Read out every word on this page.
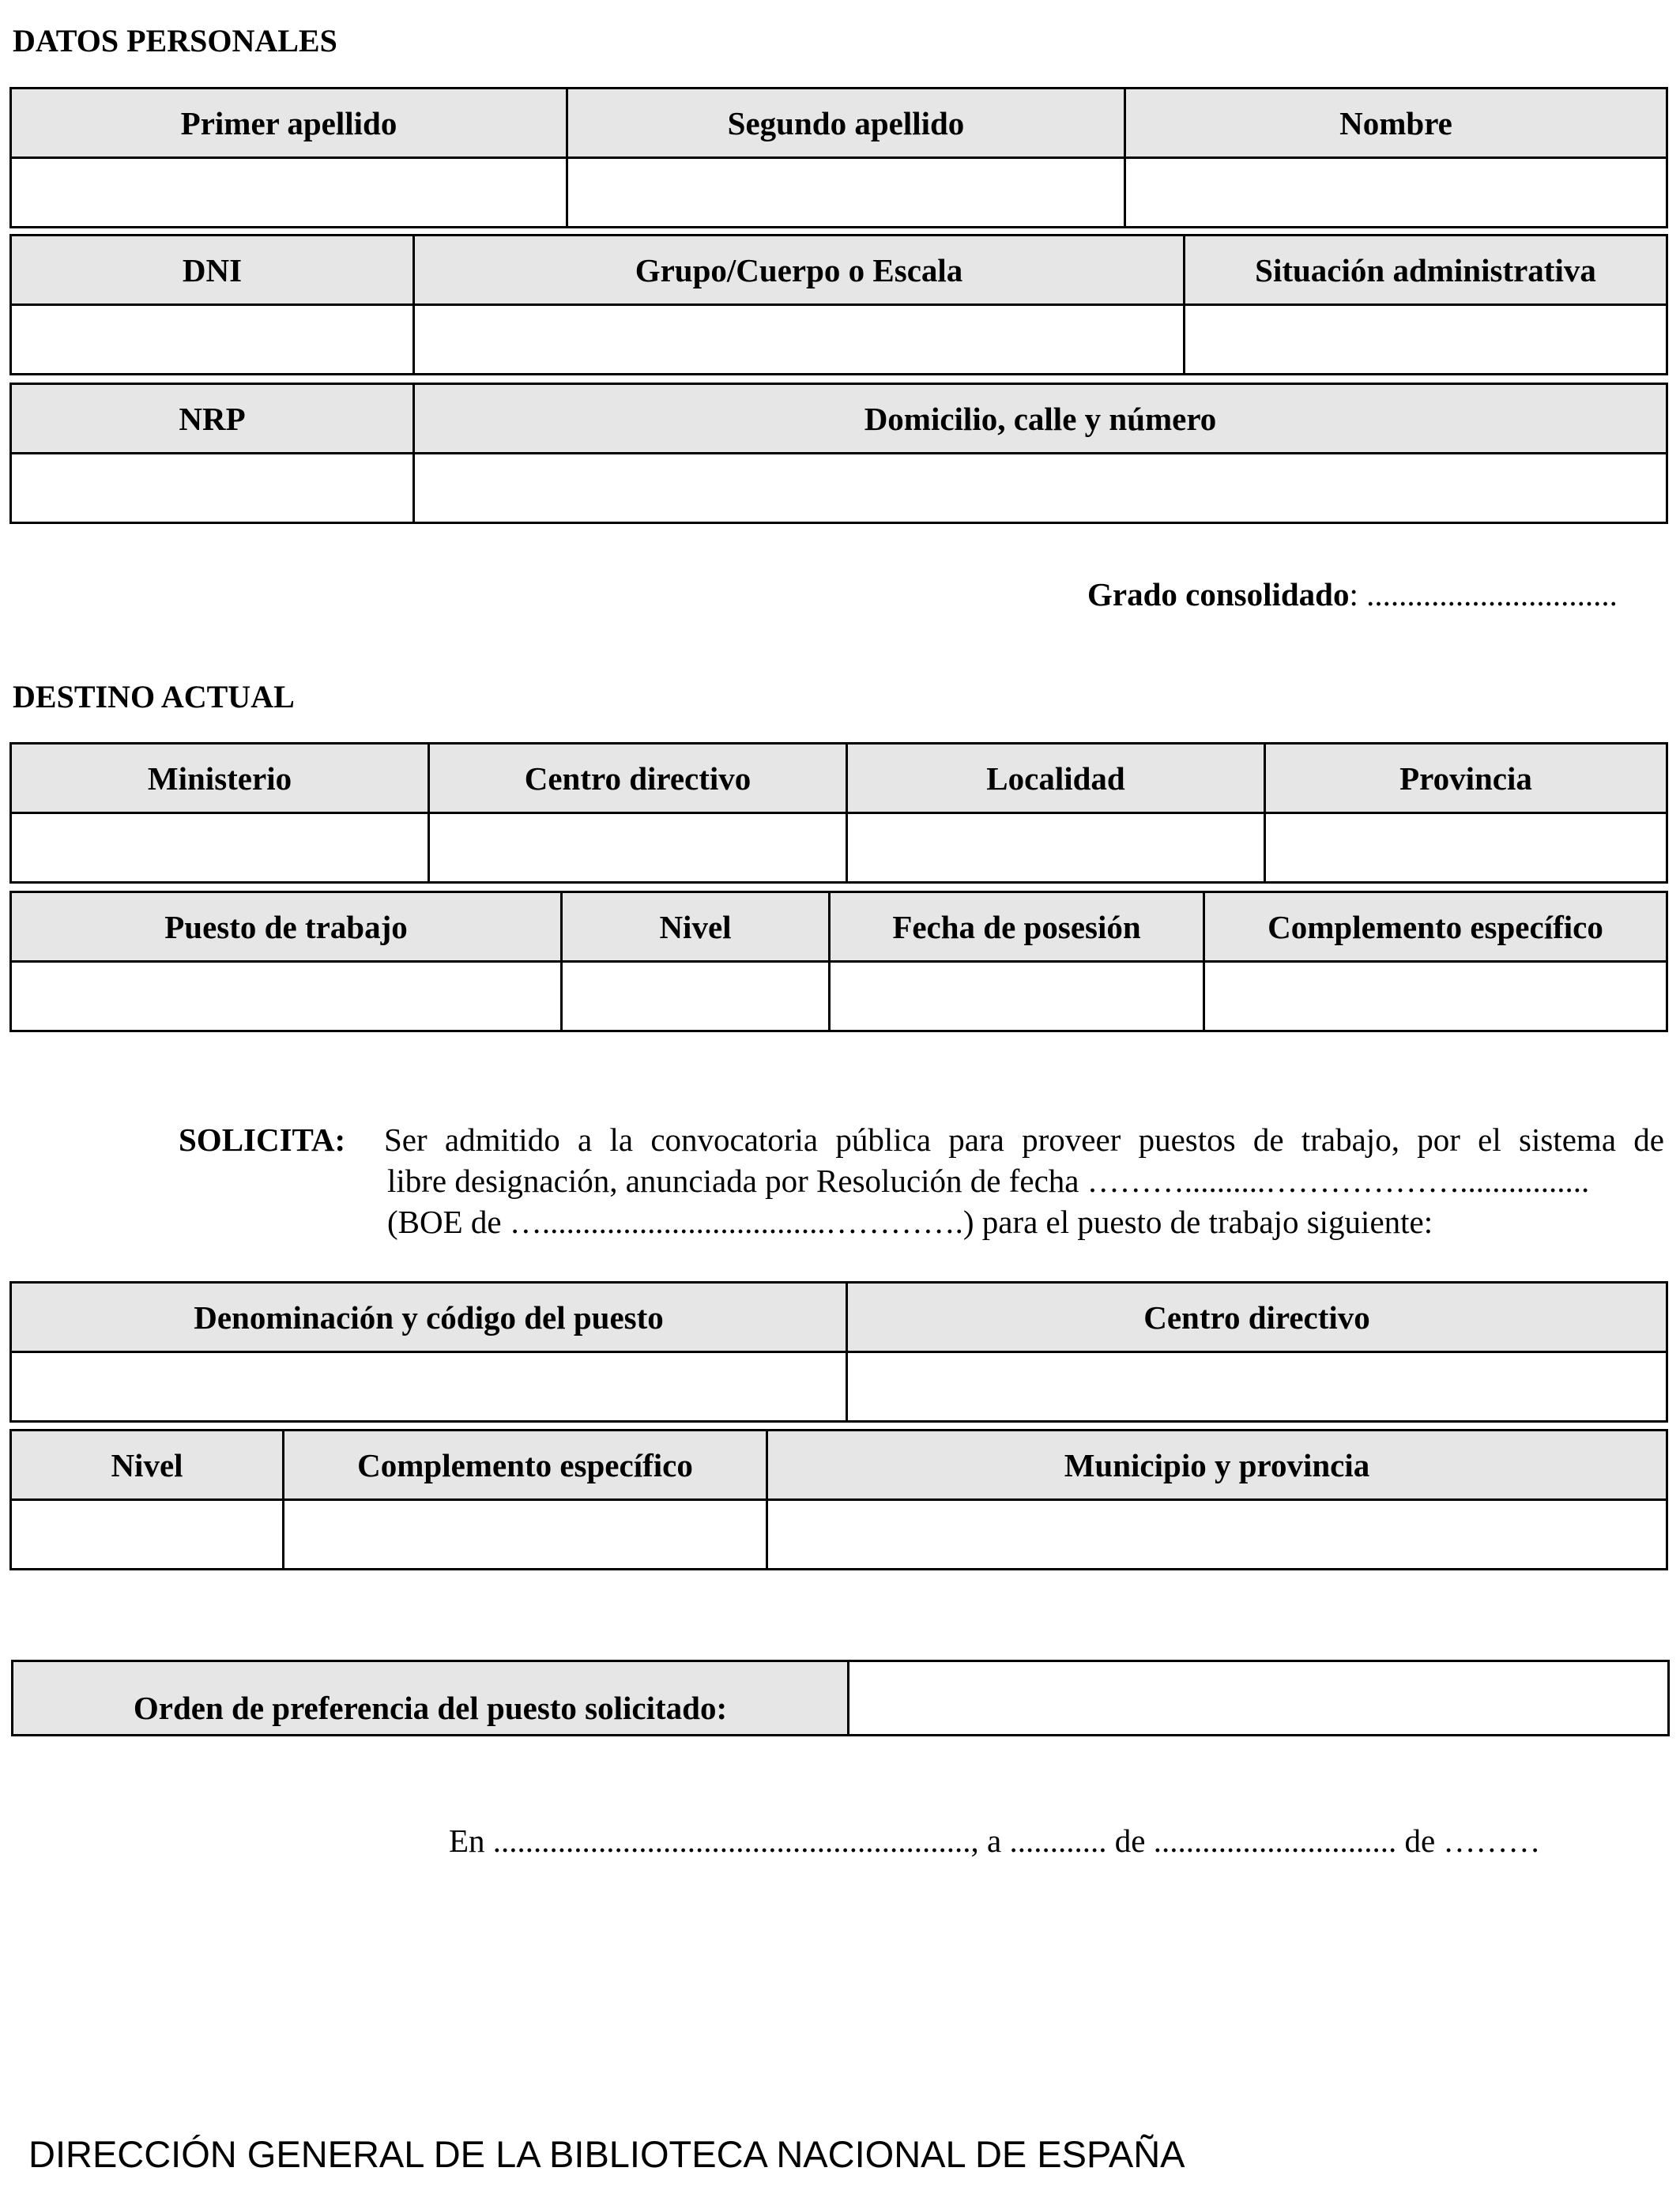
DATOS PERSONALES
Primer apellido	Segundo apellido	Nombre

DNI	Grupo/Cuerpo o Escala	Situación administrativa

NRP	Domicilio, calle y número

Grado consolidado: ...............................
DESTINO ACTUAL
Ministerio	Centro directivo	Localidad	Provincia

Puesto de trabajo	Nivel	Fecha de posesión	Complemento específico

SOLICITA: Ser admitido a la convocatoria pública para proveer puestos de trabajo, por el sistema de
libre designación, anunciada por Resolución de fecha ………..........………………................
(BOE de …...................................………….) para el puesto de trabajo siguiente:
Denominación y código del puesto	Centro directivo

Nivel	Complemento específico	Municipio y provincia

Orden de preferencia del puesto solicitado:	
En ..........................................................., a ............ de .............................. de ………
DIRECCIÓN GENERAL DE LA BIBLIOTECA NACIONAL DE ESPAÑA
